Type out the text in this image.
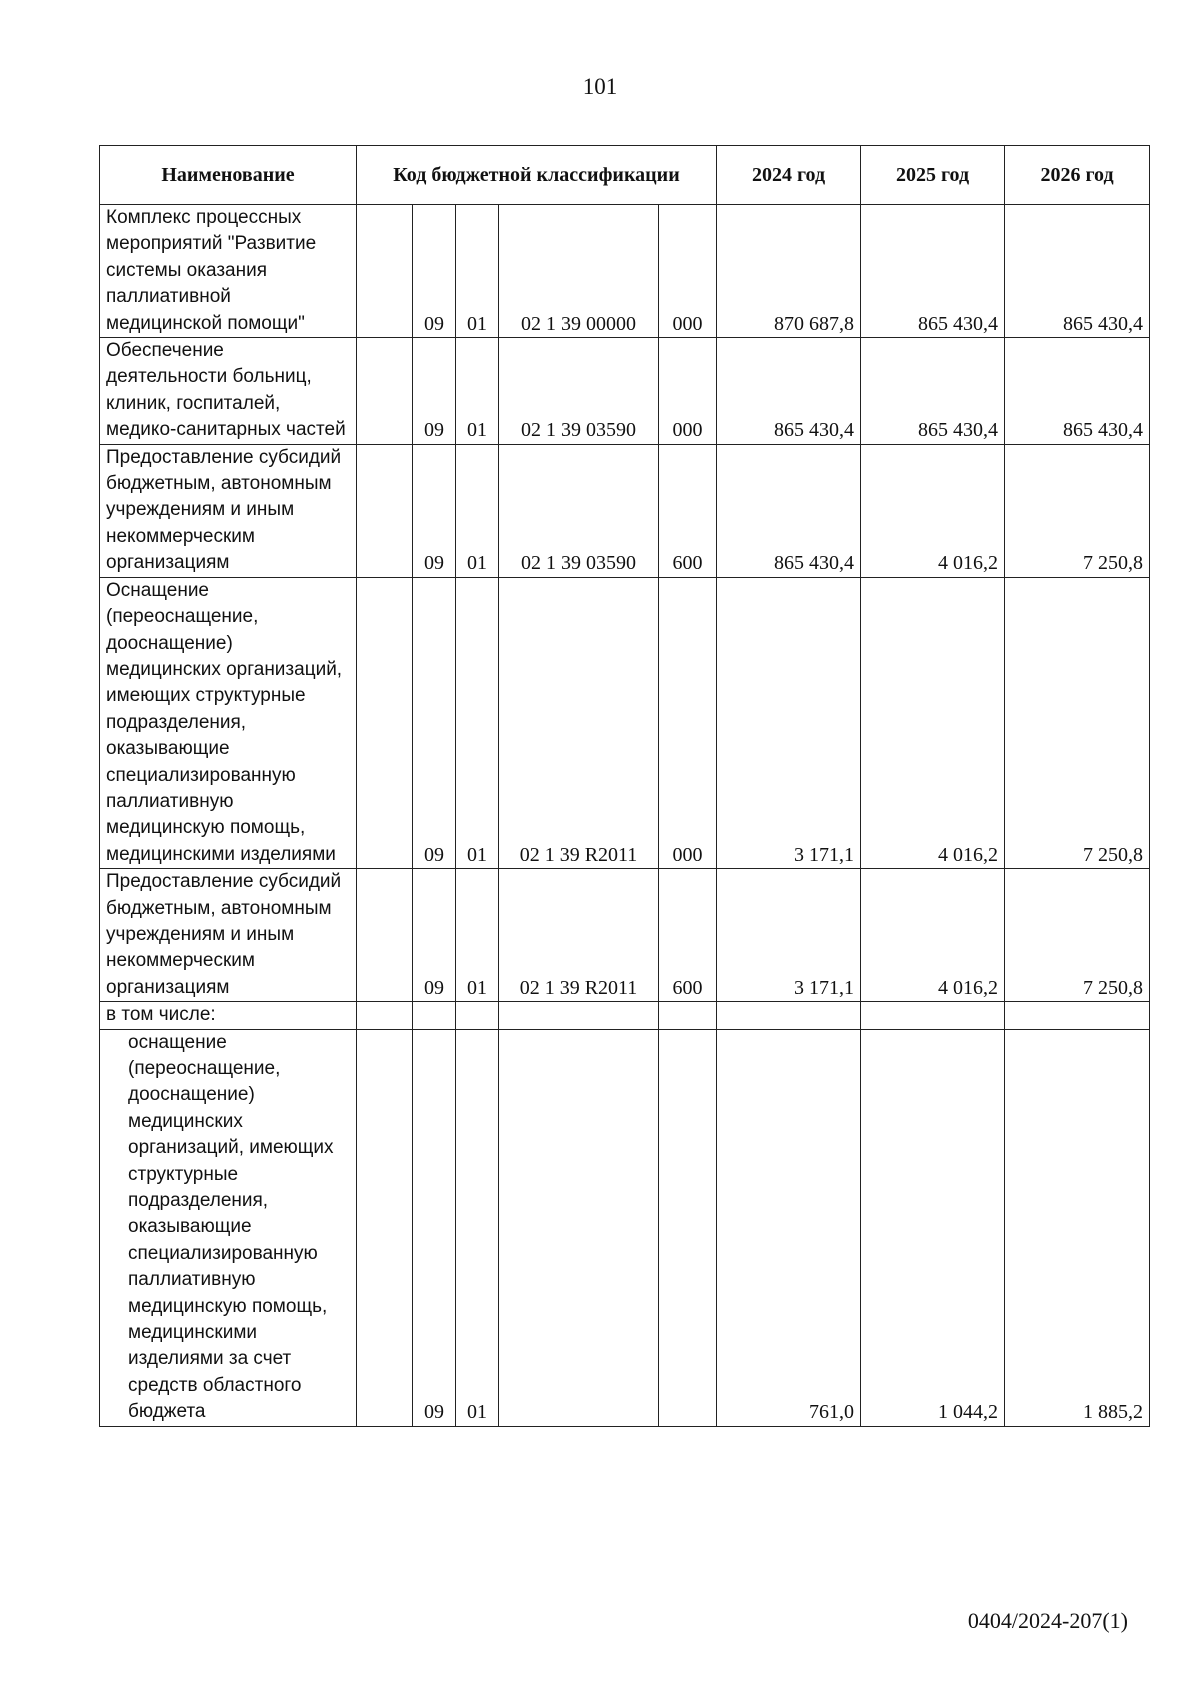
101
Наименование	Код бюджетной классификации					2024 год	2025 год	2026 год
Комплекс процессных мероприятий "Развитие системы оказания паллиативной медицинской помощи"		09	01	02 1 39 00000	000	870 687,8	865 430,4	865 430,4
Обеспечение деятельности больниц, клиник, госпиталей, медико-санитарных частей		09	01	02 1 39 03590	000	865 430,4	865 430,4	865 430,4
Предоставление субсидий бюджетным, автономным учреждениям и иным некоммерческим организациям		09	01	02 1 39 03590	600	865 430,4	4 016,2	7 250,8
Оснащение (переоснащение, дооснащение) медицинских организаций, имеющих структурные подразделения, оказывающие специализированную паллиативную медицинскую помощь, медицинскими изделиями		09	01	02 1 39 R2011	000	3 171,1	4 016,2	7 250,8
Предоставление субсидий бюджетным, автономным учреждениям и иным некоммерческим организациям		09	01	02 1 39 R2011	600	3 171,1	4 016,2	7 250,8
в том числе:								
оснащение (переоснащение, дооснащение) медицинских организаций, имеющих структурные подразделения, оказывающие специализированную паллиативную медицинскую помощь, медицинскими изделиями за счет средств областного бюджета		09	01			761,0	1 044,2	1 885,2
0404/2024-207(1)
